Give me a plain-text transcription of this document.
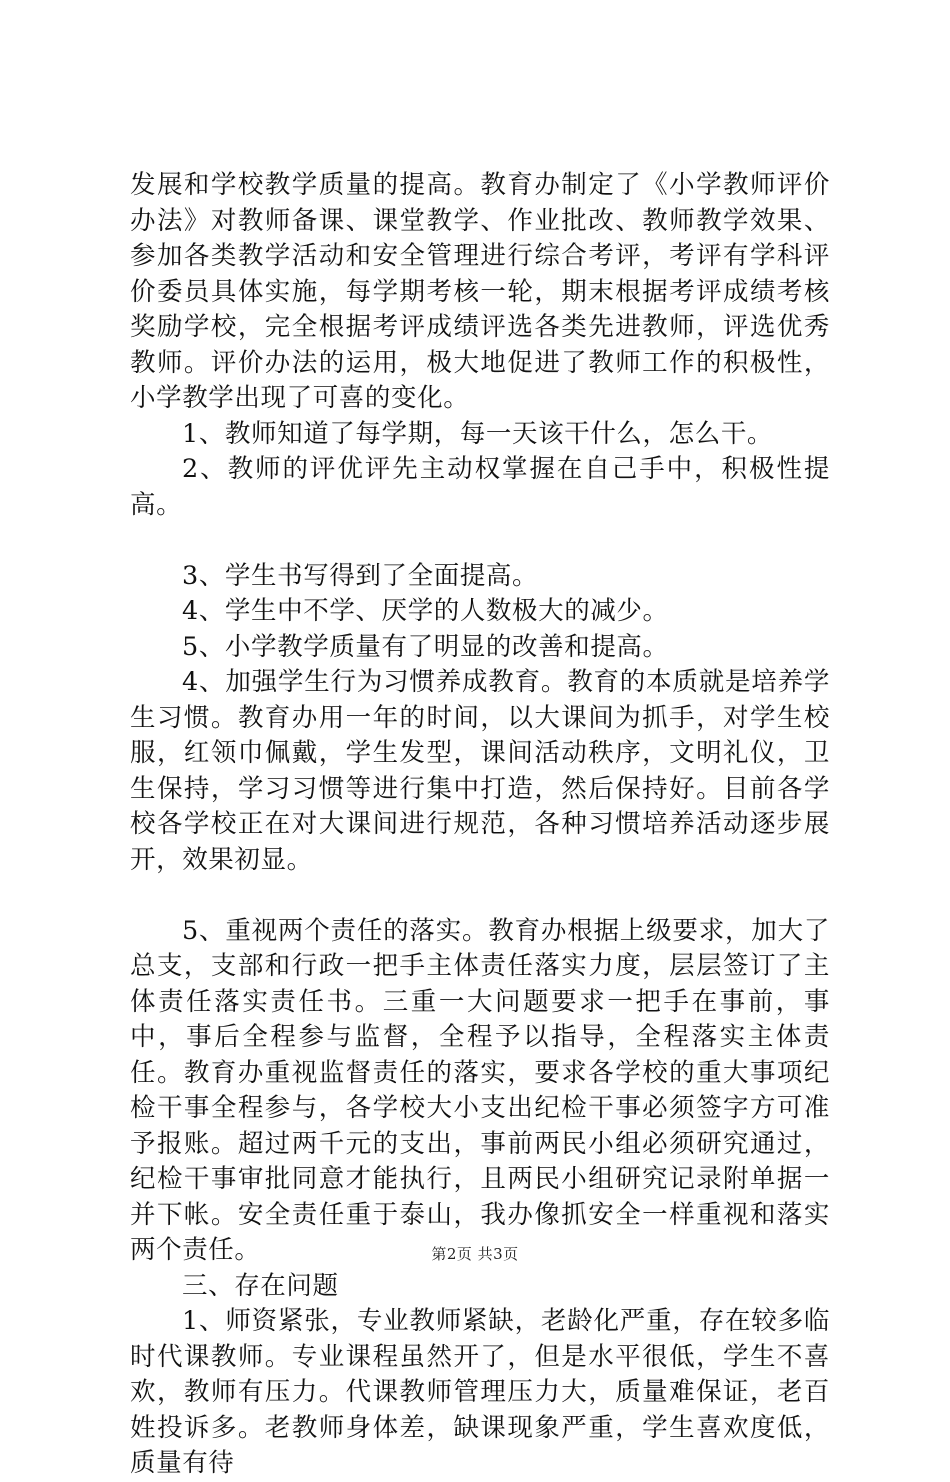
发展和学校教学质量的提高。教育办制定了《小学教师评价办法》对教师备课、课堂教学、作业批改、教师教学效果、参加各类教学活动和安全管理进行综合考评，考评有学科评价委员具体实施，每学期考核一轮，期末根据考评成绩考核奖励学校，完全根据考评成绩评选各类先进教师，评选优秀教师。评价办法的运用，极大地促进了教师工作的积极性，小学教学出现了可喜的变化。

1、教师知道了每学期，每一天该干什么，怎么干。

2、教师的评优评先主动权掌握在自己手中，积极性提高。

3、学生书写得到了全面提高。

4、学生中不学、厌学的人数极大的减少。

5、小学教学质量有了明显的改善和提高。

4、加强学生行为习惯养成教育。教育的本质就是培养学生习惯。教育办用一年的时间，以大课间为抓手，对学生校服，红领巾佩戴，学生发型，课间活动秩序，文明礼仪，卫生保持，学习习惯等进行集中打造，然后保持好。目前各学校各学校正在对大课间进行规范，各种习惯培养活动逐步展开，效果初显。

5、重视两个责任的落实。教育办根据上级要求，加大了总支，支部和行政一把手主体责任落实力度，层层签订了主体责任落实责任书。三重一大问题要求一把手在事前，事中，事后全程参与监督，全程予以指导，全程落实主体责任。教育办重视监督责任的落实，要求各学校的重大事项纪检干事全程参与，各学校大小支出纪检干事必须签字方可准予报账。超过两千元的支出，事前两民小组必须研究通过，纪检干事审批同意才能执行，且两民小组研究记录附单据一并下帐。安全责任重于泰山，我办像抓安全一样重视和落实两个责任。

三、存在问题

1、师资紧张，专业教师紧缺，老龄化严重，存在较多临时代课教师。专业课程虽然开了，但是水平很低，学生不喜欢，教师有压力。代课教师管理压力大，质量难保证，老百姓投诉多。老教师身体差，缺课现象严重，学生喜欢度低，质量有待

第2页 共3页
